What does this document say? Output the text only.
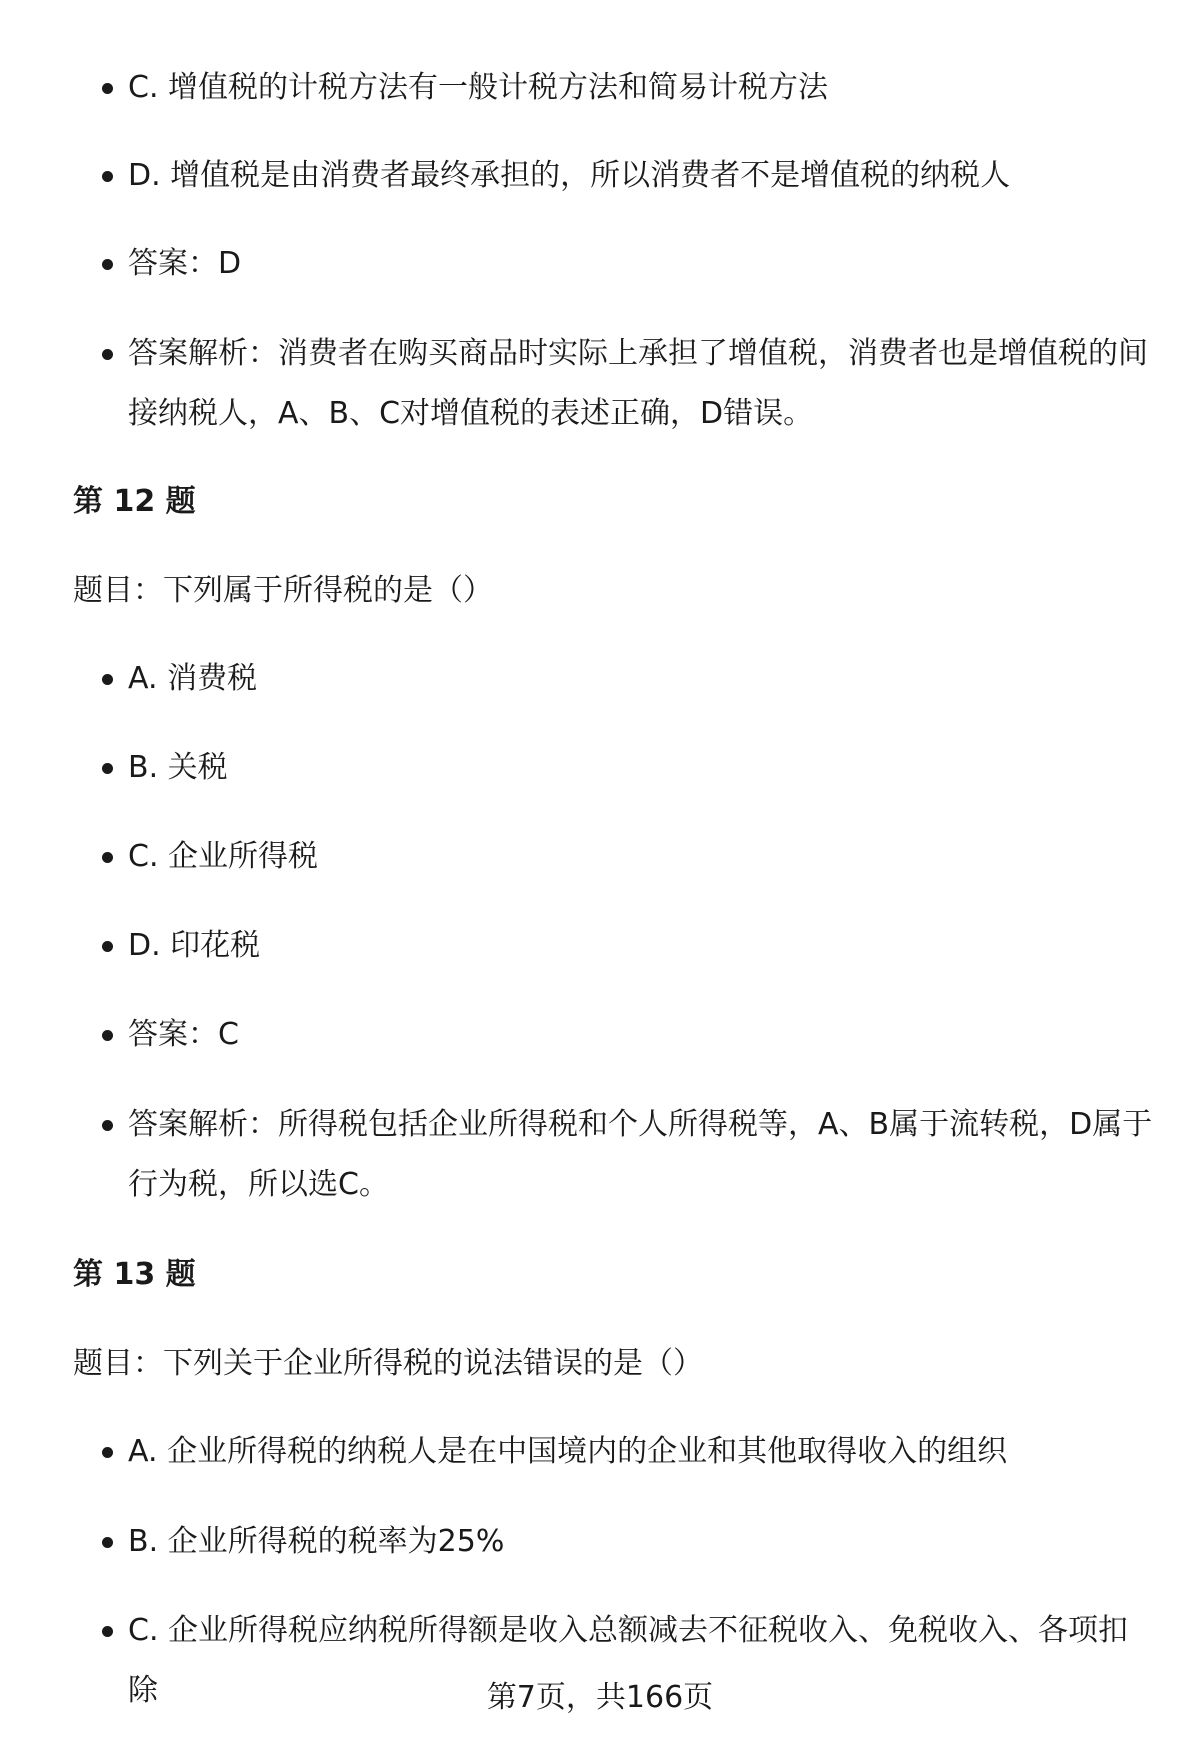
C. 增值税的计税方法有一般计税方法和简易计税方法
D. 增值税是由消费者最终承担的，所以消费者不是增值税的纳税人
答案：D
答案解析：消费者在购买商品时实际上承担了增值税，消费者也是增值税的间接纳税人，A、B、C对增值税的表述正确，D错误。
第 12 题
题目：下列属于所得税的是（）
A. 消费税
B. 关税
C. 企业所得税
D. 印花税
答案：C
答案解析：所得税包括企业所得税和个人所得税等，A、B属于流转税，D属于行为税，所以选C。
第 13 题
题目：下列关于企业所得税的说法错误的是（）
A. 企业所得税的纳税人是在中国境内的企业和其他取得收入的组织
B. 企业所得税的税率为25%
C. 企业所得税应纳税所得额是收入总额减去不征税收入、免税收入、各项扣除	第7页，共166页
